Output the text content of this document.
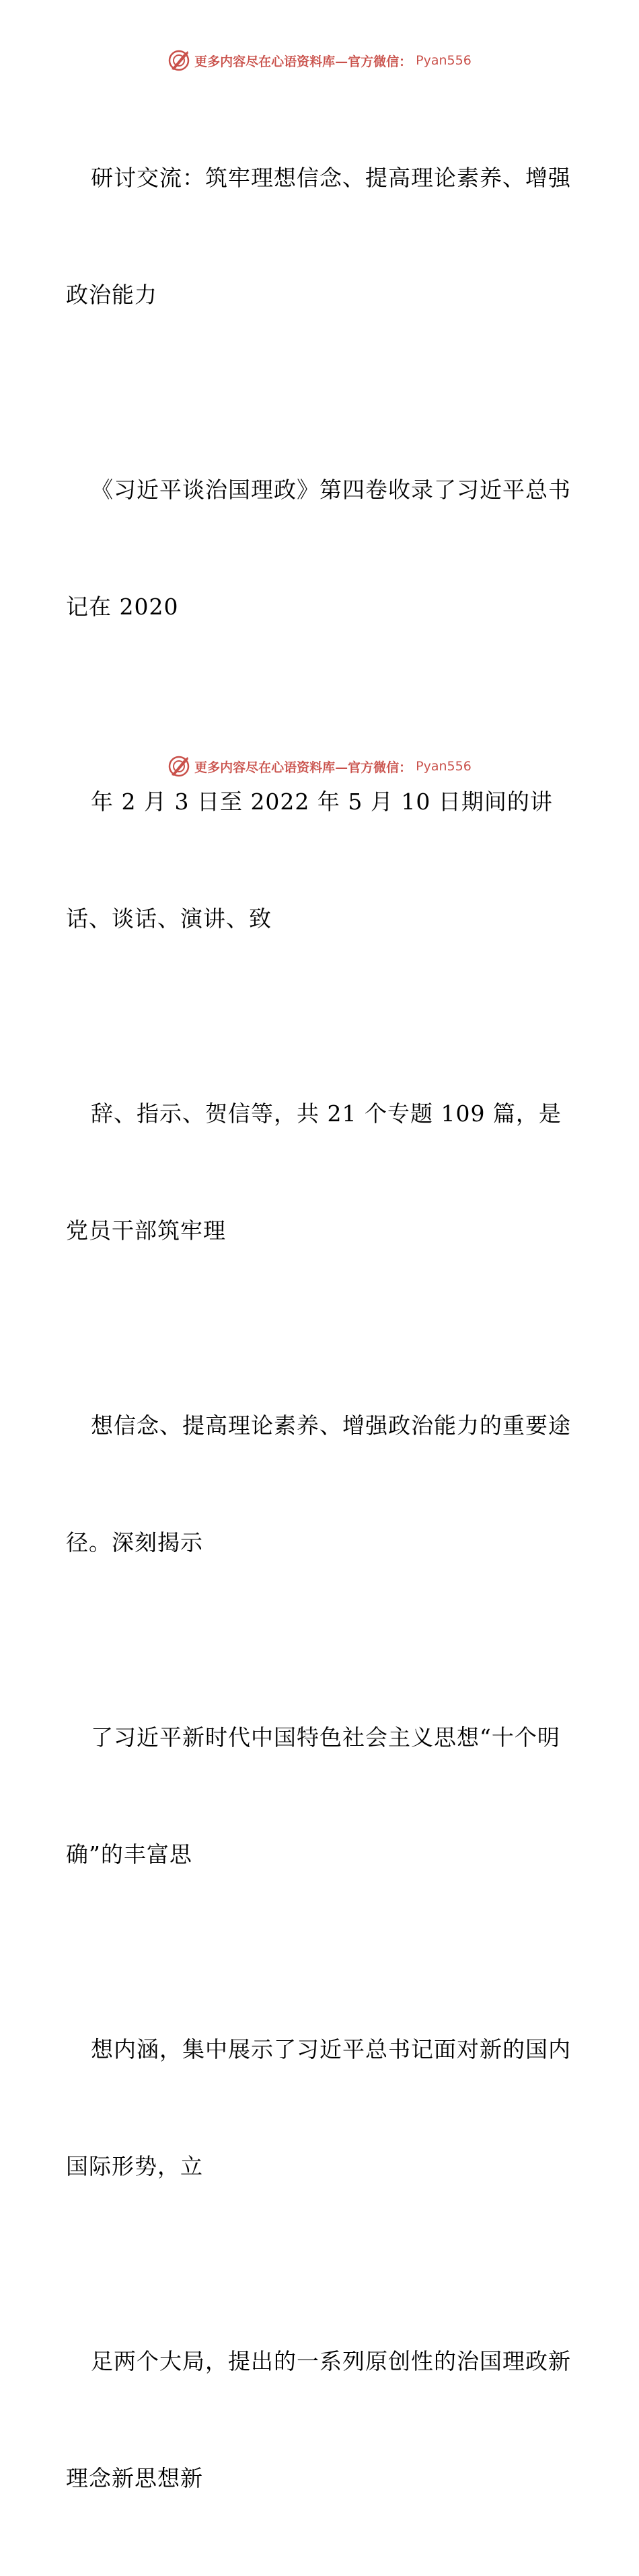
更多内容尽在心语资料库—官方微信： Pyan556

研讨交流：筑牢理想信念、提高理论素养、增强

政治能力

《习近平谈治国理政》第四卷收录了习近平总书

记在 2020

年 2 月 3 日至 2022 年 5 月 10 日期间的讲

话、谈话、演讲、致

辞、指示、贺信等，共 21 个专题 109 篇，是

党员干部筑牢理

想信念、提高理论素养、增强政治能力的重要途

径。深刻揭示

了习近平新时代中国特色社会主义思想“十个明

确”的丰富思

想内涵，集中展示了习近平总书记面对新的国内

国际形势，立

足两个大局，提出的一系列原创性的治国理政新

理念新思想新

更多内容尽在心语资料库—官方微信： Pyan556
